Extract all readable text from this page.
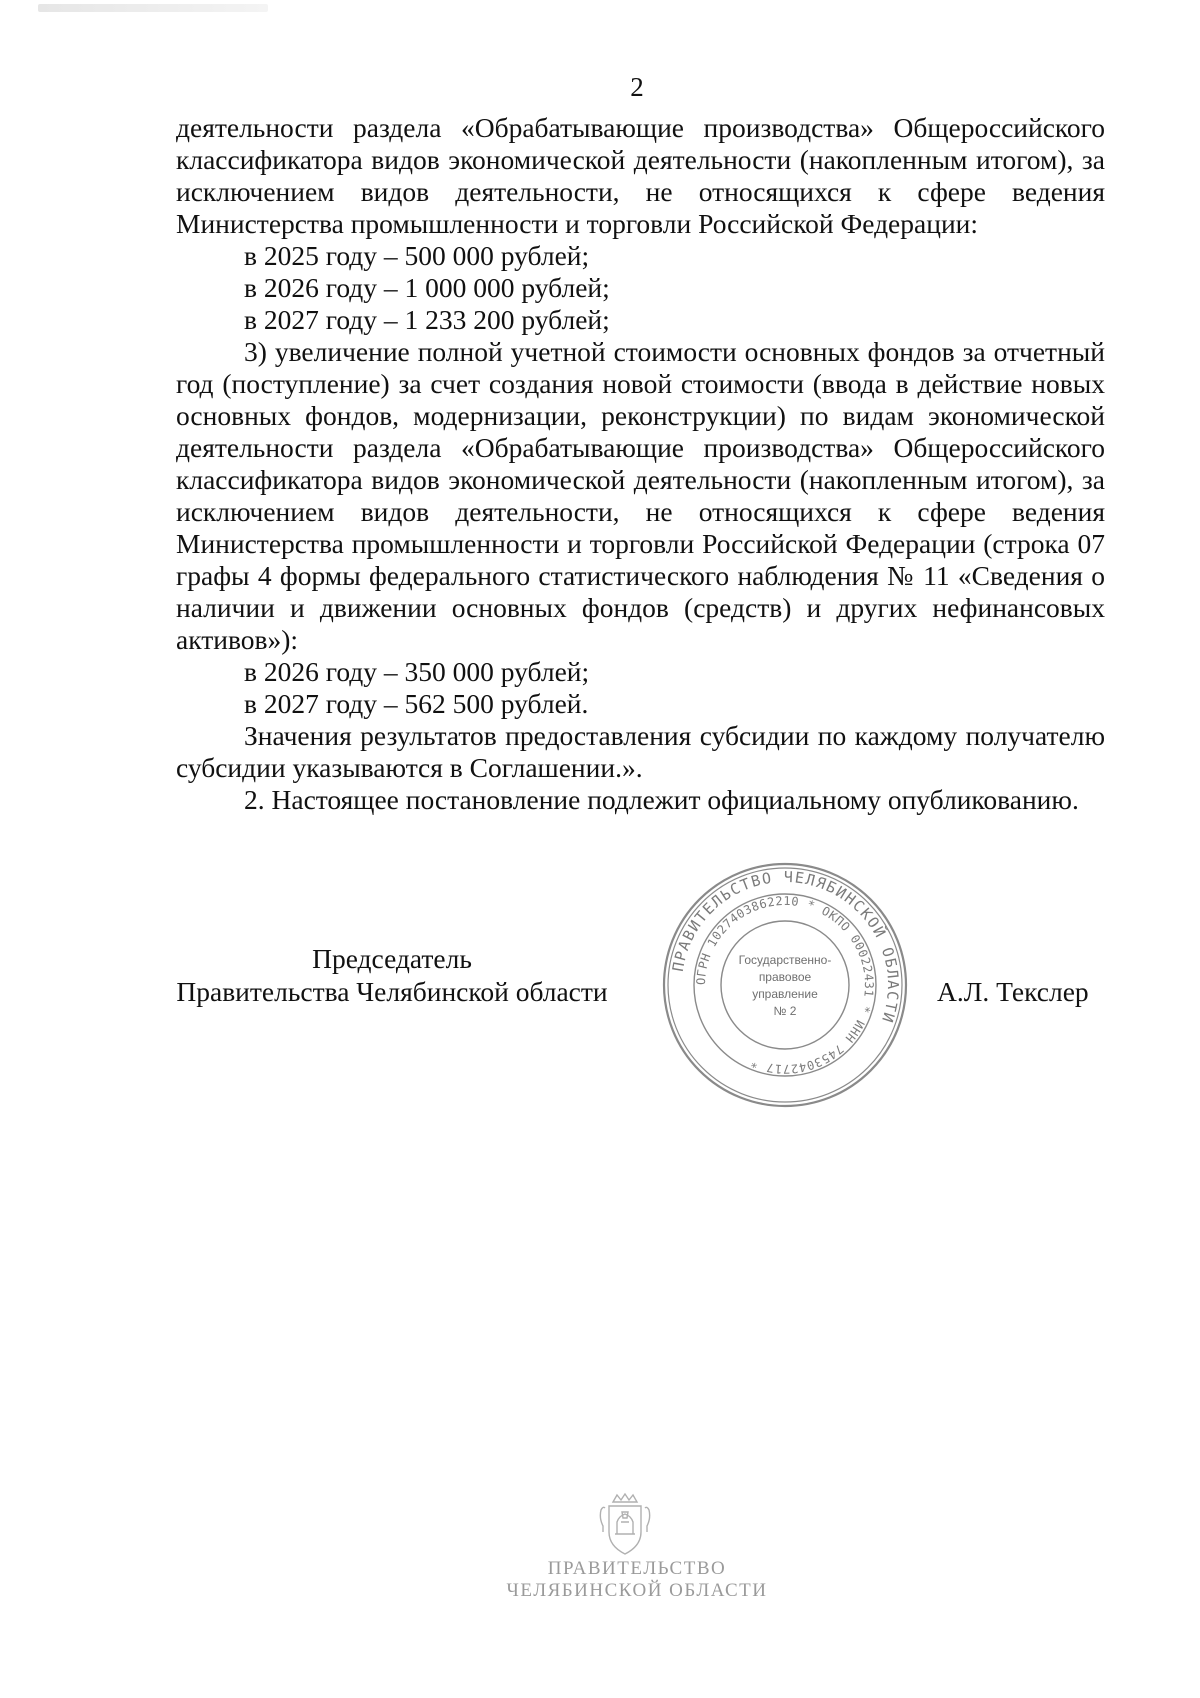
2

деятельности раздела «Обрабатывающие производства» Общероссийского

классификатора видов экономической деятельности (накопленным итогом), за

исключением видов деятельности, не относящихся к сфере ведения

Министерства промышленности и торговли Российской Федерации:

в 2025 году – 500 000 рублей;

в 2026 году – 1 000 000 рублей;

в 2027 году – 1 233 200 рублей;

3) увеличение полной учетной стоимости основных фондов за отчетный

год (поступление) за счет создания новой стоимости (ввода в действие новых

основных фондов, модернизации, реконструкции) по видам экономической

деятельности раздела «Обрабатывающие производства» Общероссийского

классификатора видов экономической деятельности (накопленным итогом), за

исключением видов деятельности, не относящихся к сфере ведения

Министерства промышленности и торговли Российской Федерации (строка 07

графы 4 формы федерального статистического наблюдения № 11 «Сведения о

наличии и движении основных фондов (средств) и других нефинансовых

активов»):

в 2026 году – 350 000 рублей;

в 2027 году – 562 500 рублей.

Значения результатов предоставления субсидии по каждому получателю

субсидии указываются в Соглашении.».

2. Настоящее постановление подлежит официальному опубликованию.

Председатель
Правительства Челябинской области
ПРАВИТЕЛЬСТВО ЧЕЛЯБИНСКОЙ ОБЛАСТИ
ОГРН 1027403862210 * ОКПО 00022431 * ИНН 7453042717 *
Государственно-
правовое
управление
№ 2
А.Л. Текслер
ПРАВИТЕЛЬСТВО
ЧЕЛЯБИНСКОЙ ОБЛАСТИ
